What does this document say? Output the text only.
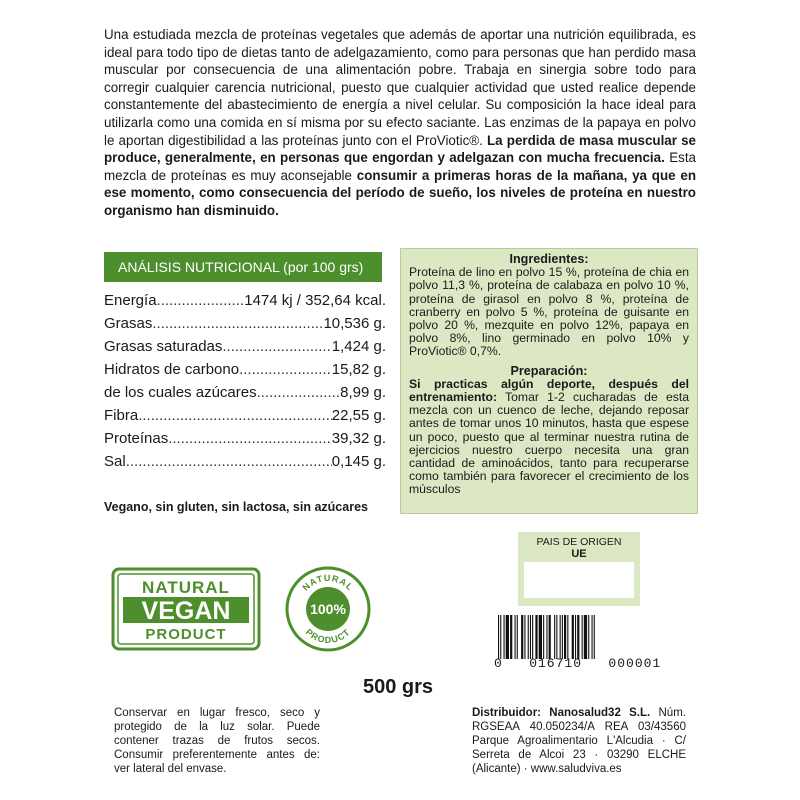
Una estudiada mezcla de proteínas vegetales que además de aportar una nutrición equilibrada, es ideal para todo tipo de dietas tanto de adelgazamiento, como para personas que han perdido masa muscular por consecuencia de una alimentación pobre. Trabaja en sinergia sobre todo para corregir cualquier carencia nutricional, puesto que cualquier actividad que usted realice depende constantemente del abastecimiento de energía a nivel celular. Su composición la hace ideal para utilizarla como una comida en sí misma por su efecto saciante. Las enzimas de la papaya en polvo le aportan digestibilidad a las proteínas junto con el ProViotic®. La perdida de masa muscular se produce, generalmente, en personas que engordan y adelgazan con mucha frecuencia. Esta mezcla de proteínas es muy aconsejable consumir a primeras horas de la mañana, ya que en ese momento, como consecuencia del período de sueño, los niveles de proteína en nuestro organismo han disminuido.
ANÁLISIS NUTRICIONAL (por 100 grs)
Energía .....	1474 kj / 352,64 kcal.
Grasas .....	10,536 g.
Grasas saturadas .....	1,424 g.
Hidratos de carbono .....	15,82 g.
de los cuales azúcares .....	8,99 g.
Fibra .....	22,55 g.
Proteínas .....	39,32 g.
Sal .....	0,145 g.
Vegano, sin gluten, sin lactosa, sin azúcares
Ingredientes:

Proteína de lino en polvo 15 %, proteína de chia en polvo 11,3 %, proteína de calabaza en polvo 10 %, proteína de girasol en polvo 8 %, proteína de cranberry en polvo 5 %, proteína de guisante en polvo 20 %, mezquite en polvo 12%, papaya en polvo 8%, lino germinado en polvo 10% y ProViotic® 0,7%.

Preparación:

Si practicas algún deporte, después del entrenamiento: Tomar 1-2 cucharadas de esta mezcla con un cuenco de leche, dejando reposar antes de tomar unos 10 minutos, hasta que espese un poco, puesto que al terminar nuestra rutina de ejercicios nuestro cuerpo necesita una gran cantidad de aminoácidos, tanto para recuperarse como también para favorecer el crecimiento de los músculos

NATURAL
VEGAN
PRODUCT
NATURAL
PRODUCT
100%
PAIS DE ORIGEN
UE
0   016710   000001
500 grs
Conservar en lugar fresco, seco y protegido de la luz solar. Puede contener trazas de frutos secos. Consumir preferentemente antes de: ver lateral del envase.
Distribuidor: Nanosalud32 S.L. Núm. RGSEAA 40.050234/A REA 03/43560 Parque Agroalimentario L'Alcudia · C/ Serreta de Alcoi 23 · 03290 ELCHE (Alicante) · www.saludviva.es
